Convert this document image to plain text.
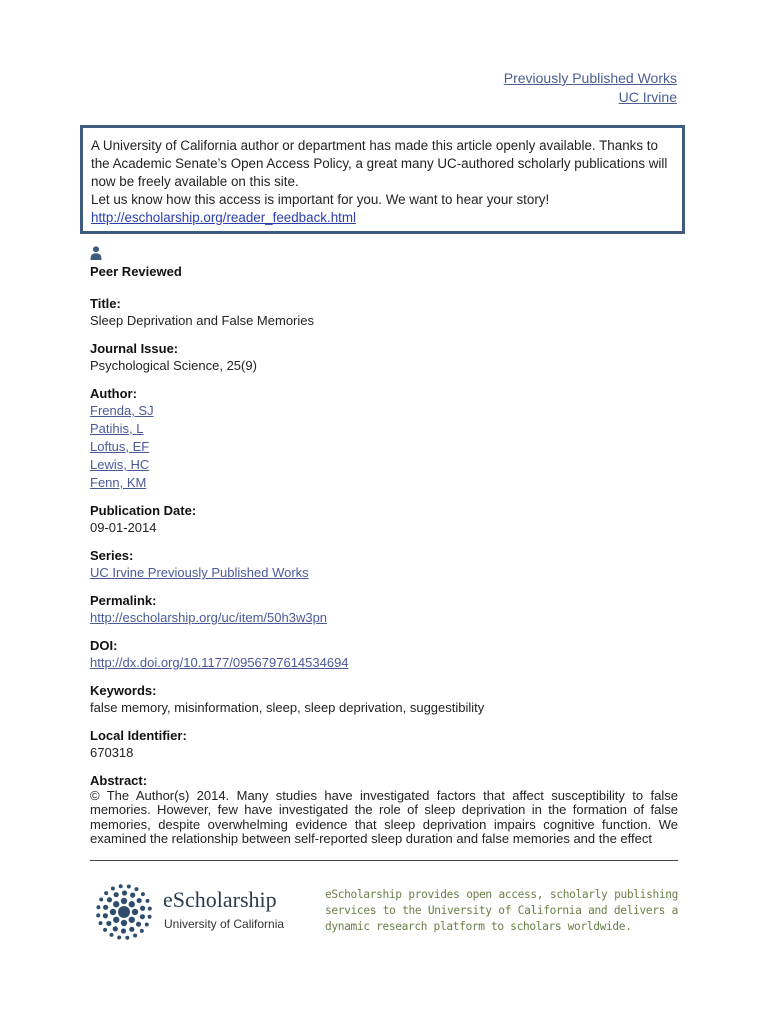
Previously Published Works
UC Irvine
A University of California author or department has made this article openly available. Thanks to the Academic Senate’s Open Access Policy, a great many UC-authored scholarly publications will now be freely available on this site.
Let us know how this access is important for you. We want to hear your story!
http://escholarship.org/reader_feedback.html
Peer Reviewed
Title:
Sleep Deprivation and False Memories
Journal Issue:
Psychological Science, 25(9)
Author:
Frenda, SJ
Patihis, L
Loftus, EF
Lewis, HC
Fenn, KM
Publication Date:
09-01-2014
Series:
UC Irvine Previously Published Works
Permalink:
http://escholarship.org/uc/item/50h3w3pn
DOI:
http://dx.doi.org/10.1177/0956797614534694
Keywords:
false memory, misinformation, sleep, sleep deprivation, suggestibility
Local Identifier:
670318
Abstract:
© The Author(s) 2014. Many studies have investigated factors that affect susceptibility to false memories. However, few have investigated the role of sleep deprivation in the formation of false memories, despite overwhelming evidence that sleep deprivation impairs cognitive function. We examined the relationship between self-reported sleep duration and false memories and the effect
eScholarship
University of California
eScholarship provides open access, scholarly publishing services to the University of California and delivers a dynamic research platform to scholars worldwide.
